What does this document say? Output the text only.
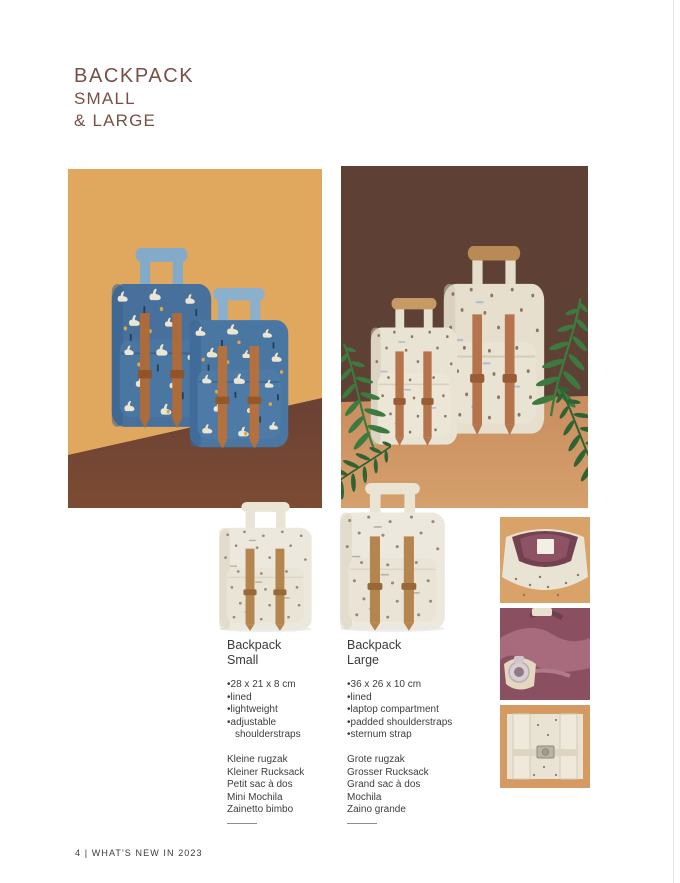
BACKPACK
SMALL
& LARGE
Backpack
Small
• 28 x 21 x 8 cm
• lined
• lightweight
• adjustable shoulderstraps
Kleine rugzak
Kleiner Rucksack
Petit sac à dos
Mini Mochila
Zainetto bimbo
Backpack
Large
• 36 x 26 x 10 cm
• lined
• laptop compartment
• padded shoulderstraps
• sternum strap
Grote rugzak
Grosser Rucksack
Grand sac à dos
Mochila
Zaino grande
4 | WHAT'S NEW IN 2023
